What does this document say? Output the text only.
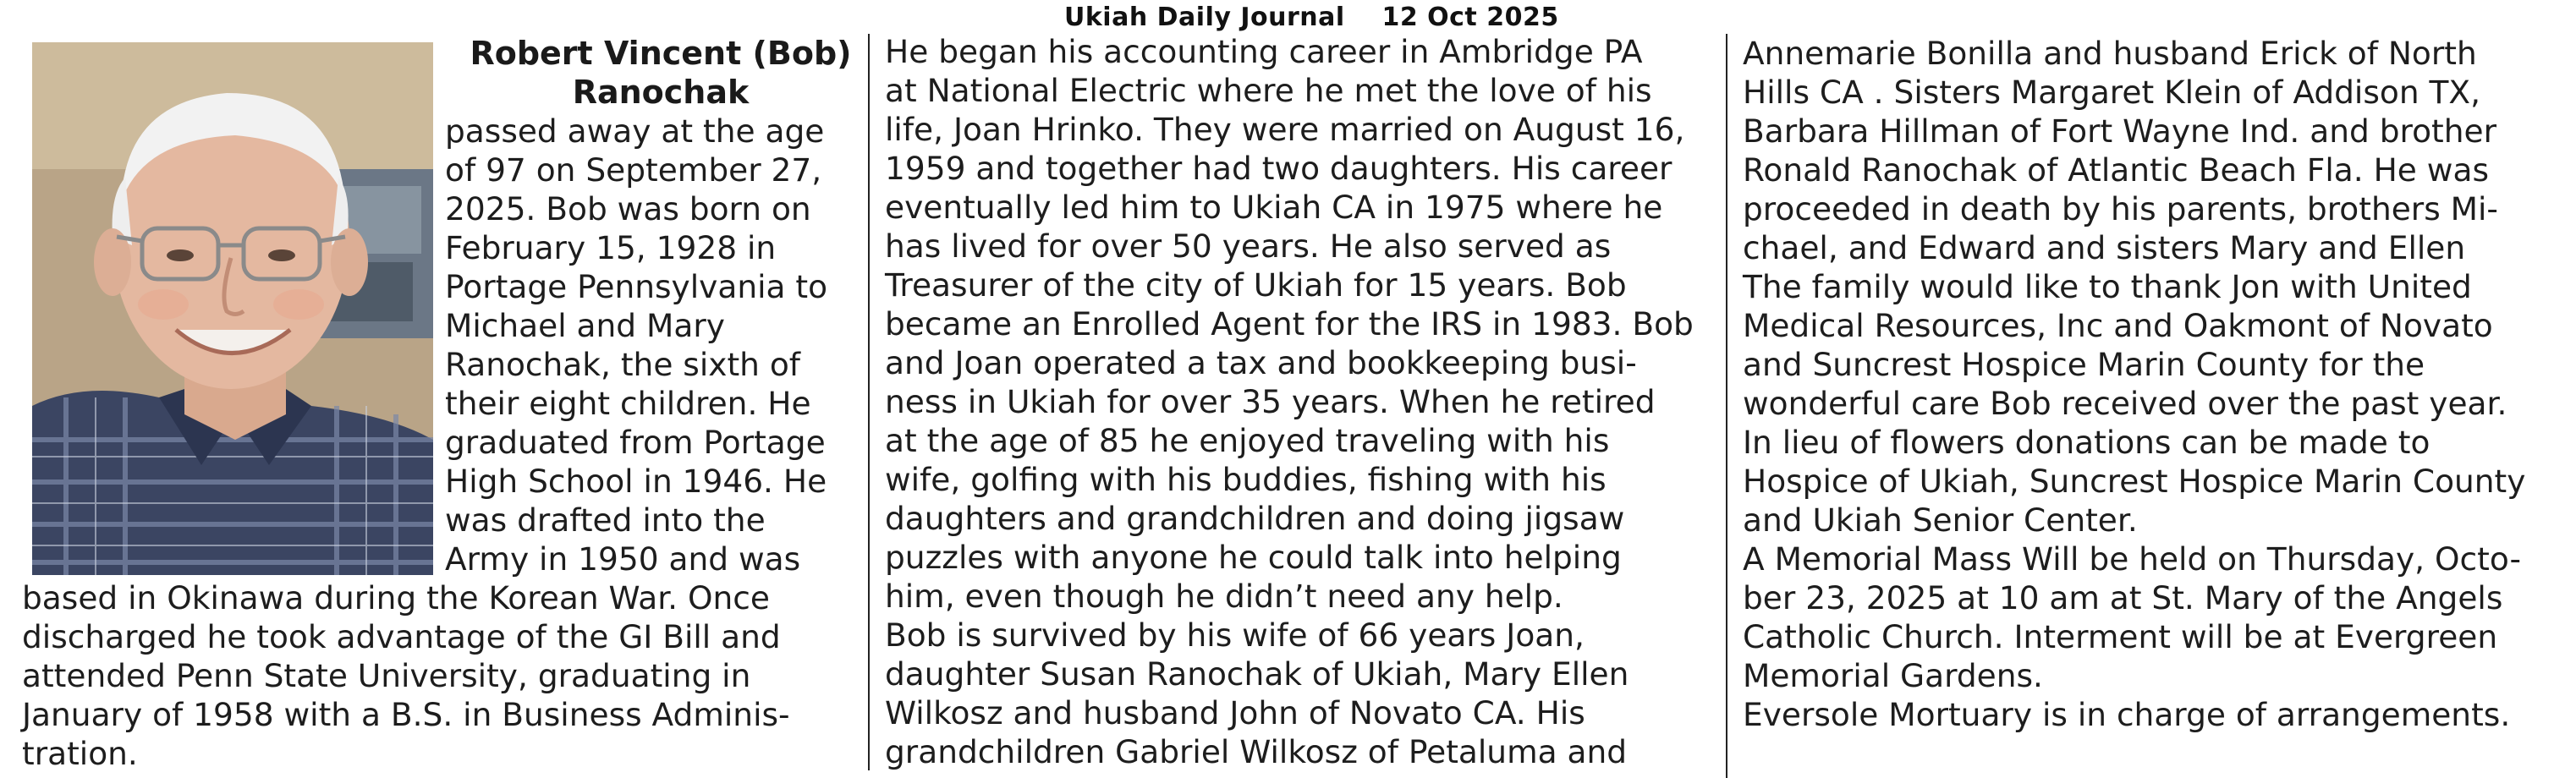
Ukiah Daily Journal    12 Oct 2025
Robert Vincent (Bob)
Ranochak
passed away at the age
of 97 on September 27,
2025. Bob was born on
February 15, 1928 in
Portage Pennsylvania to
Michael and Mary
Ranochak, the sixth of
their eight children. He
graduated from Portage
High School in 1946. He
was drafted into the
Army in 1950 and was
based in Okinawa during the Korean War. Once
discharged he took advantage of the GI Bill and
attended Penn State University, graduating in
January of 1958 with a B.S. in Business Adminis-
tration.
He began his accounting career in Ambridge PA
at National Electric where he met the love of his
life, Joan Hrinko. They were married on August 16,
1959 and together had two daughters. His career
eventually led him to Ukiah CA in 1975 where he
has lived for over 50 years. He also served as
Treasurer of the city of Ukiah for 15 years. Bob
became an Enrolled Agent for the IRS in 1983. Bob
and Joan operated a tax and bookkeeping busi-
ness in Ukiah for over 35 years. When he retired
at the age of 85 he enjoyed traveling with his
wife, golfing with his buddies, fishing with his
daughters and grandchildren and doing jigsaw
puzzles with anyone he could talk into helping
him, even though he didn’t need any help.
Bob is survived by his wife of 66 years Joan,
daughter Susan Ranochak of Ukiah, Mary Ellen
Wilkosz and husband John of Novato CA. His
grandchildren Gabriel Wilkosz of Petaluma and
Annemarie Bonilla and husband Erick of North
Hills CA . Sisters Margaret Klein of Addison TX,
Barbara Hillman of Fort Wayne Ind. and brother
Ronald Ranochak of Atlantic Beach Fla. He was
proceeded in death by his parents, brothers Mi-
chael, and Edward and sisters Mary and Ellen
The family would like to thank Jon with United
Medical Resources, Inc and Oakmont of Novato
and Suncrest Hospice Marin County for the
wonderful care Bob received over the past year.
In lieu of flowers donations can be made to
Hospice of Ukiah, Suncrest Hospice Marin County
and Ukiah Senior Center.
A Memorial Mass Will be held on Thursday, Octo-
ber 23, 2025 at 10 am at St. Mary of the Angels
Catholic Church. Interment will be at Evergreen
Memorial Gardens.
Eversole Mortuary is in charge of arrangements.
